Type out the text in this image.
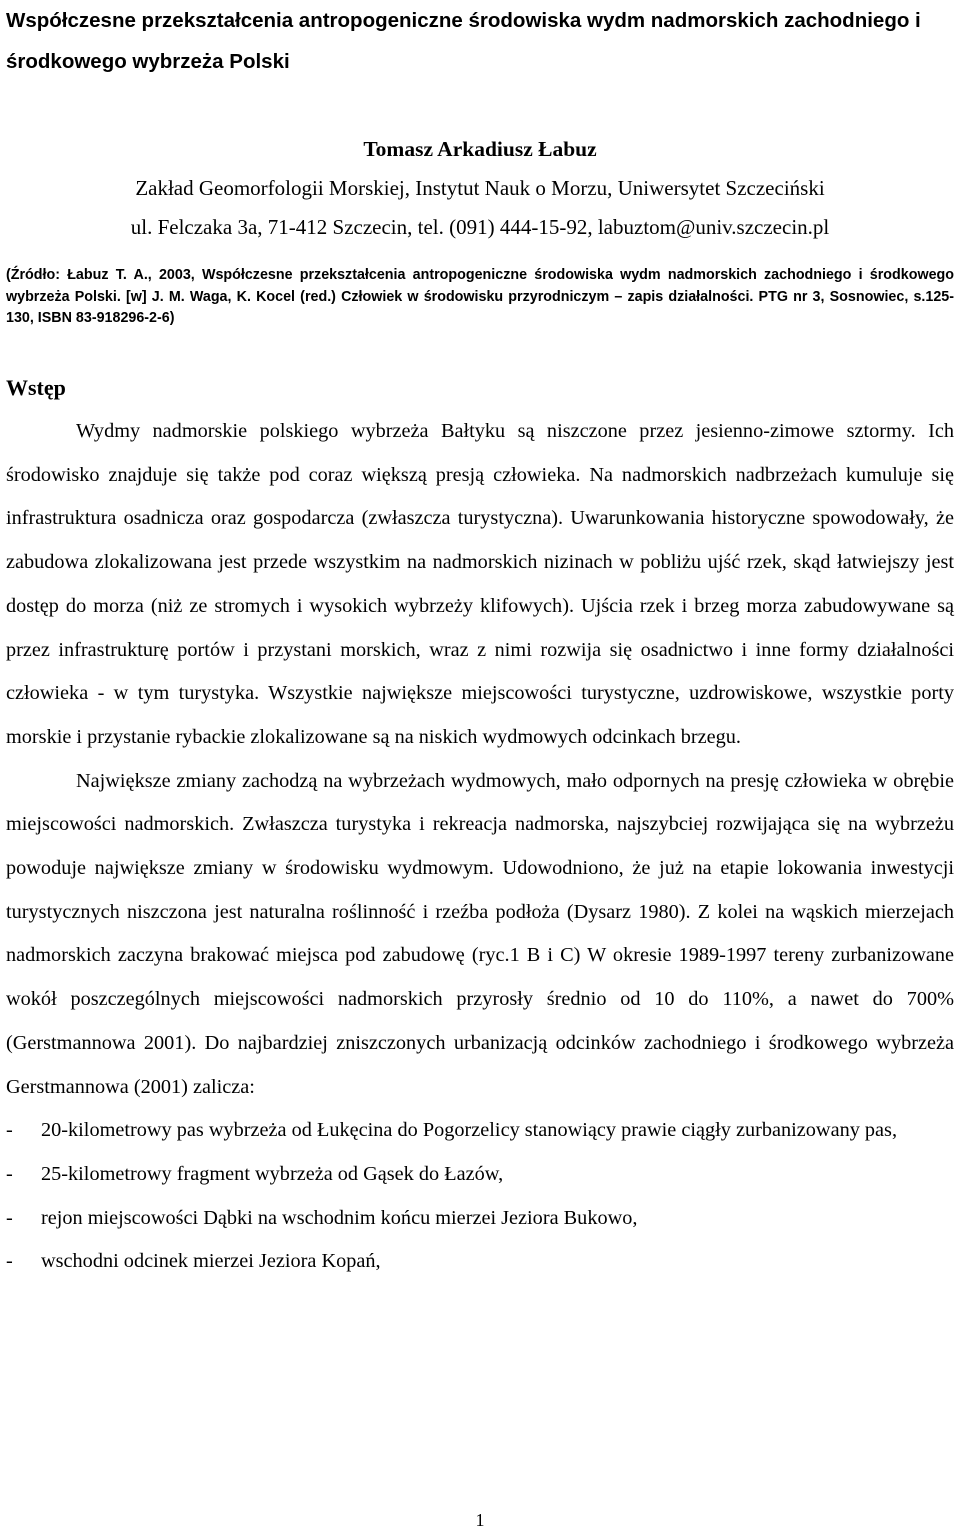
Współczesne przekształcenia antropogeniczne środowiska wydm nadmorskich zachodniego i środkowego wybrzeża Polski
Tomasz Arkadiusz Łabuz
Zakład Geomorfologii Morskiej, Instytut Nauk o Morzu, Uniwersytet Szczeciński
ul. Felczaka 3a, 71-412 Szczecin, tel. (091) 444-15-92, labuztom@univ.szczecin.pl

(Źródło: Łabuz T. A., 2003, Współczesne przekształcenia antropogeniczne środowiska wydm nadmorskich zachodniego i środkowego wybrzeża Polski. [w] J. M. Waga, K. Kocel (red.) Człowiek w środowisku przyrodniczym – zapis działalności. PTG nr 3, Sosnowiec, s.125-130, ISBN 83-918296-2-6)

Wstęp

Wydmy nadmorskie polskiego wybrzeża Bałtyku są niszczone przez jesienno-zimowe sztormy. Ich środowisko znajduje się także pod coraz większą presją człowieka. Na nadmorskich nadbrzeżach kumuluje się infrastruktura osadnicza oraz gospodarcza (zwłaszcza turystyczna). Uwarunkowania historyczne spowodowały, że zabudowa zlokalizowana jest przede wszystkim na nadmorskich nizinach w pobliżu ujść rzek, skąd łatwiejszy jest dostęp do morza (niż ze stromych i wysokich wybrzeży klifowych). Ujścia rzek i brzeg morza zabudowywane są przez infrastrukturę portów i przystani morskich, wraz z nimi rozwija się osadnictwo i inne formy działalności człowieka - w tym turystyka. Wszystkie największe miejscowości turystyczne, uzdrowiskowe, wszystkie porty morskie i przystanie rybackie zlokalizowane są na niskich wydmowych odcinkach brzegu.

Największe zmiany zachodzą na wybrzeżach wydmowych, mało odpornych na presję człowieka w obrębie miejscowości nadmorskich. Zwłaszcza turystyka i rekreacja nadmorska, najszybciej rozwijająca się na wybrzeżu powoduje największe zmiany w środowisku wydmowym. Udowodniono, że już na etapie lokowania inwestycji turystycznych niszczona jest naturalna roślinność i rzeźba podłoża (Dysarz 1980). Z kolei na wąskich mierzejach nadmorskich zaczyna brakować miejsca pod zabudowę (ryc.1 B i C) W okresie 1989-1997 tereny zurbanizowane wokół poszczególnych miejscowości nadmorskich przyrosły średnio od 10 do 110%, a nawet do 700% (Gerstmannowa 2001). Do najbardziej zniszczonych urbanizacją odcinków zachodniego i środkowego wybrzeża Gerstmannowa (2001) zalicza:

- 20-kilometrowy pas wybrzeża od Łukęcina do Pogorzelicy stanowiący prawie ciągły zurbanizowany pas,
- 25-kilometrowy fragment wybrzeża od Gąsek do Łazów,
- rejon miejscowości Dąbki na wschodnim końcu mierzei Jeziora Bukowo,
- wschodni odcinek mierzei Jeziora Kopań,
1
